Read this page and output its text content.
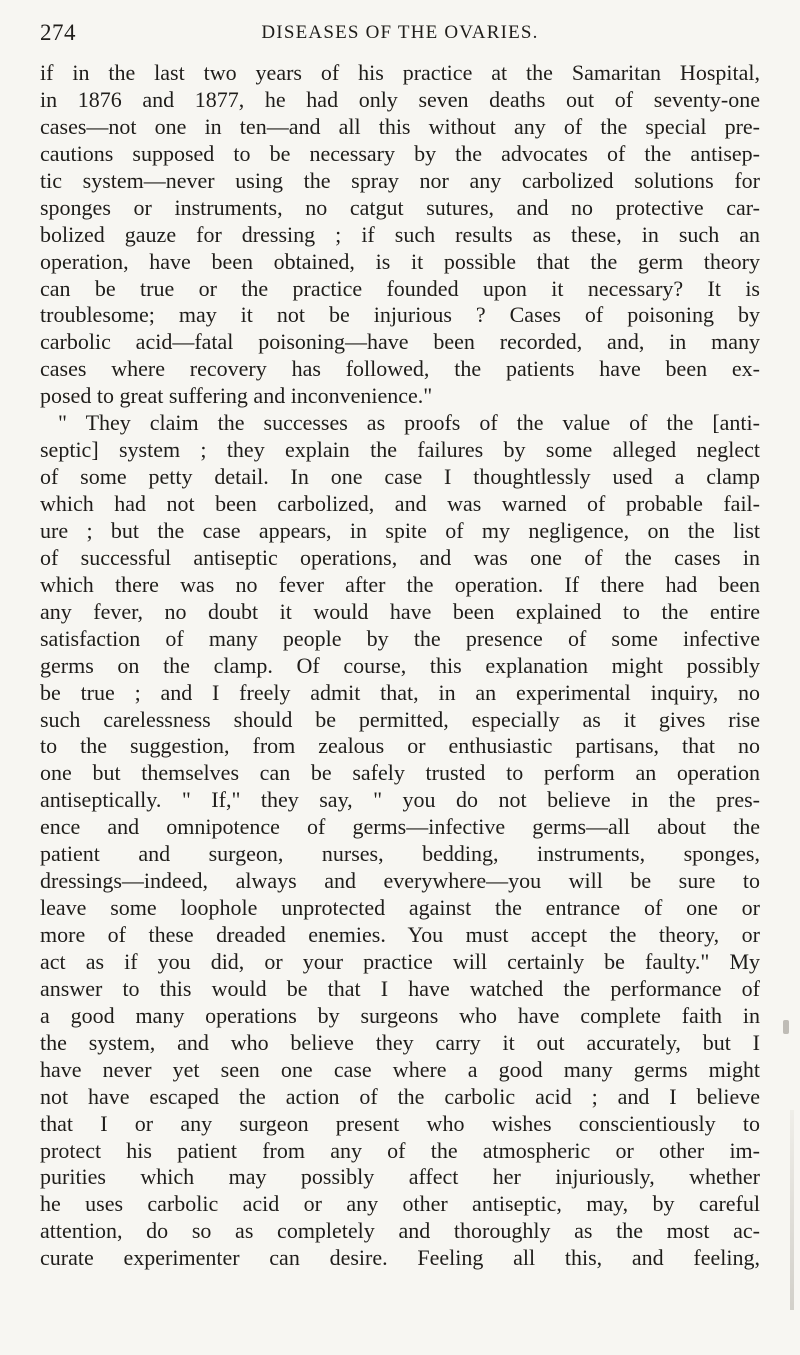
274	DISEASES OF THE OVARIES.
if in the last two years of his practice at the Samaritan Hospital,
in 1876 and 1877, he had only seven deaths out of seventy-one
cases—not one in ten—and all this without any of the special pre-
cautions supposed to be necessary by the advocates of the antisep-
tic system—never using the spray nor any carbolized solutions for
sponges or instruments, no catgut sutures, and no protective car-
bolized gauze for dressing ; if such results as these, in such an
operation, have been obtained, is it possible that the germ theory
can be true or the practice founded upon it necessary? It is
troublesome; may it not be injurious ? Cases of poisoning by
carbolic acid—fatal poisoning—have been recorded, and, in many
cases where recovery has followed, the patients have been ex-
posed to great suffering and inconvenience."
" They claim the successes as proofs of the value of the [anti-
septic] system ; they explain the failures by some alleged neglect
of some petty detail. In one case I thoughtlessly used a clamp
which had not been carbolized, and was warned of probable fail-
ure ; but the case appears, in spite of my negligence, on the list
of successful antiseptic operations, and was one of the cases in
which there was no fever after the operation. If there had been
any fever, no doubt it would have been explained to the entire
satisfaction of many people by the presence of some infective
germs on the clamp. Of course, this explanation might possibly
be true ; and I freely admit that, in an experimental inquiry, no
such carelessness should be permitted, especially as it gives rise
to the suggestion, from zealous or enthusiastic partisans, that no
one but themselves can be safely trusted to perform an operation
antiseptically. " If," they say, " you do not believe in the pres-
ence and omnipotence of germs—infective germs—all about the
patient and surgeon, nurses, bedding, instruments, sponges,
dressings—indeed, always and everywhere—you will be sure to
leave some loophole unprotected against the entrance of one or
more of these dreaded enemies. You must accept the theory, or
act as if you did, or your practice will certainly be faulty." My
answer to this would be that I have watched the performance of
a good many operations by surgeons who have complete faith in
the system, and who believe they carry it out accurately, but I
have never yet seen one case where a good many germs might
not have escaped the action of the carbolic acid ; and I believe
that I or any surgeon present who wishes conscientiously to
protect his patient from any of the atmospheric or other im-
purities which may possibly affect her injuriously, whether
he uses carbolic acid or any other antiseptic, may, by careful
attention, do so as completely and thoroughly as the most ac-
curate experimenter can desire. Feeling all this, and feeling,
